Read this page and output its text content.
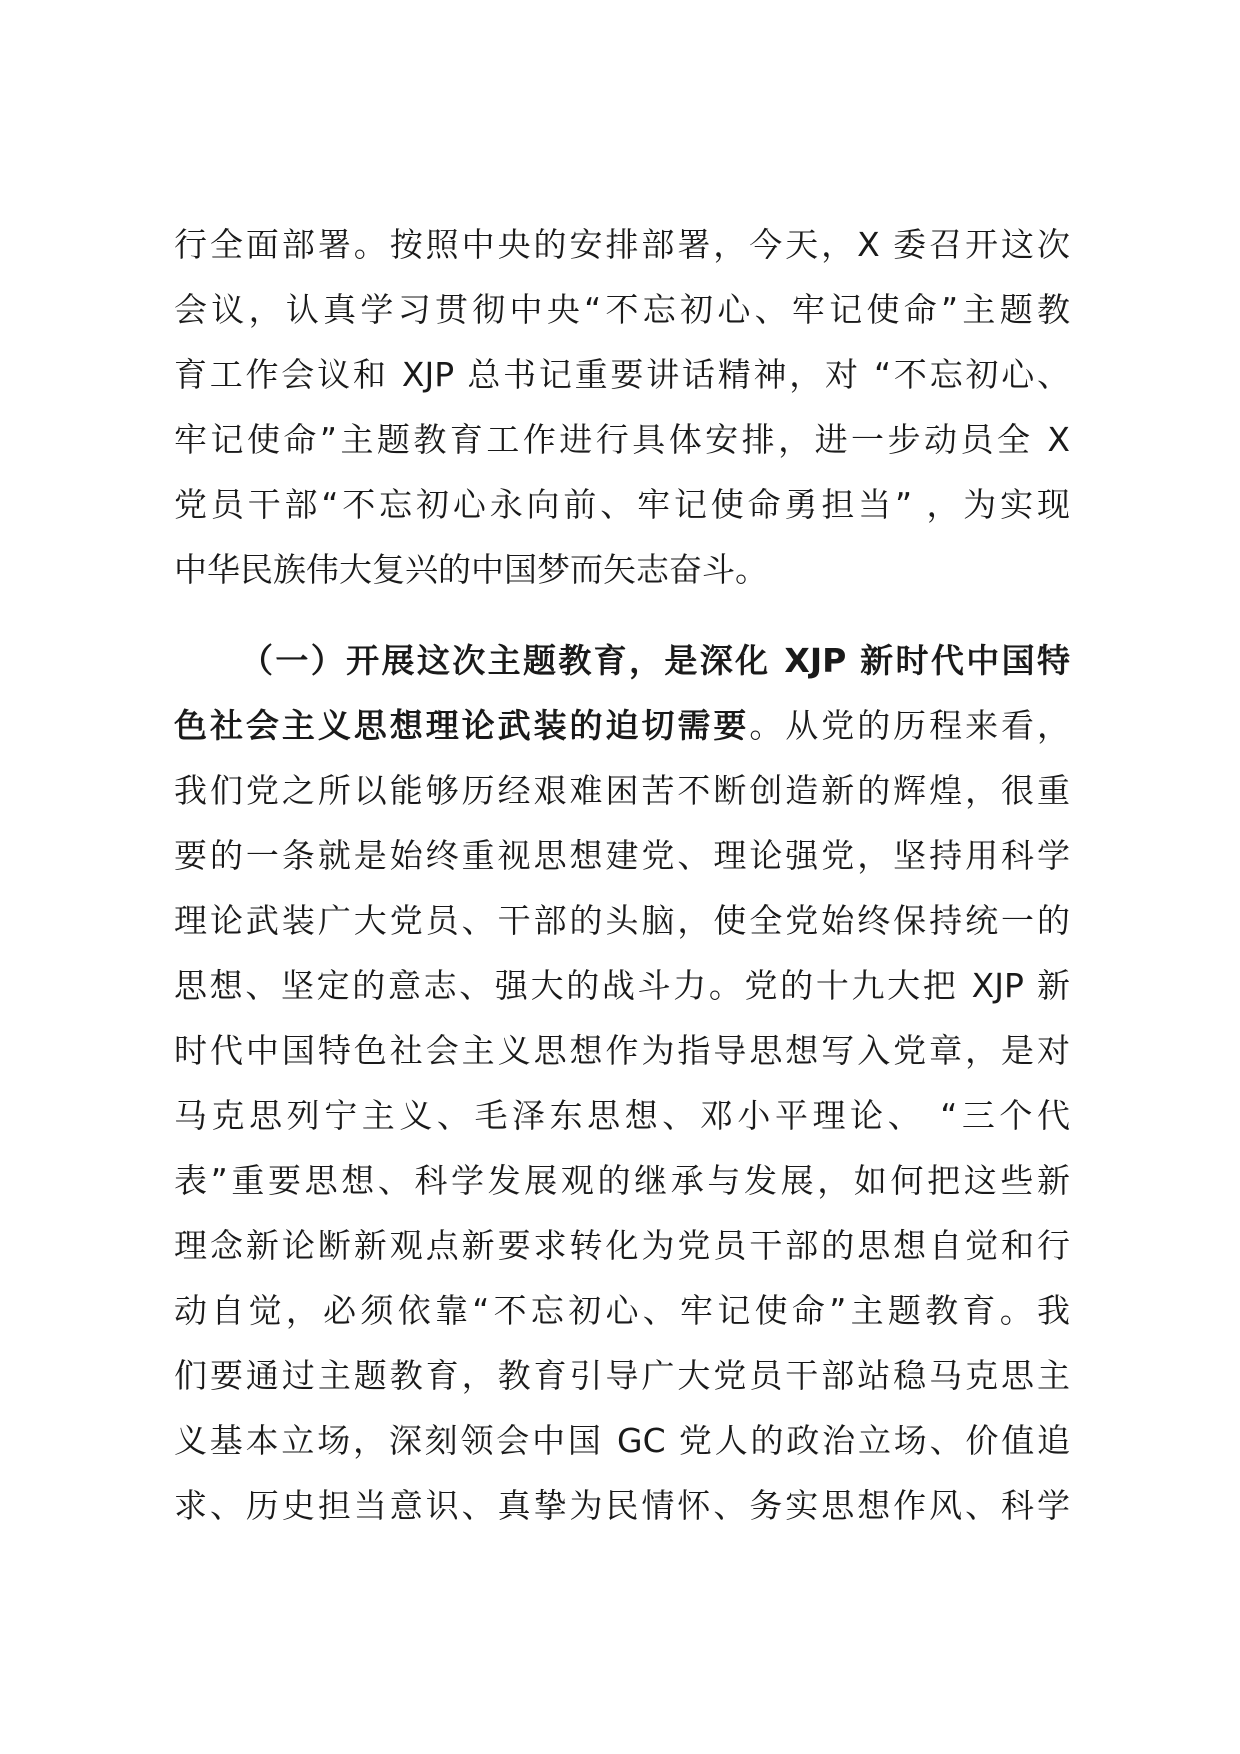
行全面部署。按照中央的安排部署，今天，X 委召开这次
会议，认真学习贯彻中央“不忘初心、牢记使命”主题教
育工作会议和 XJP 总书记重要讲话精神，对 “不忘初心、
牢记使命”主题教育工作进行具体安排，进一步动员全 X
党员干部“不忘初心永向前、牢记使命勇担当” ，为实现
中华民族伟大复兴的中国梦而矢志奋斗。
（一）开展这次主题教育，是深化 XJP 新时代中国特
色社会主义思想理论武装的迫切需要。从党的历程来看，
我们党之所以能够历经艰难困苦不断创造新的辉煌，很重
要的一条就是始终重视思想建党、理论强党，坚持用科学
理论武装广大党员、干部的头脑，使全党始终保持统一的
思想、坚定的意志、强大的战斗力。党的十九大把 XJP 新
时代中国特色社会主义思想作为指导思想写入党章，是对
马克思列宁主义、毛泽东思想、邓小平理论、 “三个代
表”重要思想、科学发展观的继承与发展，如何把这些新
理念新论断新观点新要求转化为党员干部的思想自觉和行
动自觉，必须依靠“不忘初心、牢记使命”主题教育。我
们要通过主题教育，教育引导广大党员干部站稳马克思主
义基本立场，深刻领会中国 GC 党人的政治立场、价值追
求、历史担当意识、真挚为民情怀、务实思想作风、科学
